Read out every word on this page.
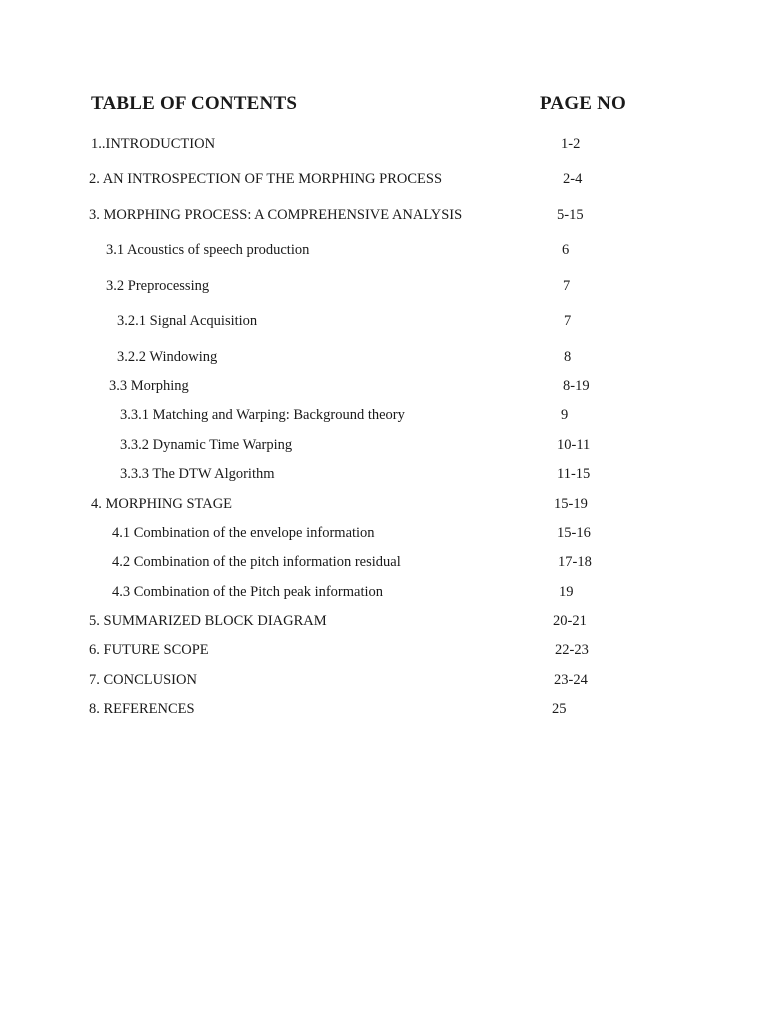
TABLE OF CONTENTS	PAGE NO
1..INTRODUCTION	1-2
2. AN INTROSPECTION OF THE MORPHING PROCESS	2-4
3. MORPHING PROCESS: A COMPREHENSIVE ANALYSIS	5-15
3.1 Acoustics of speech production	6
3.2 Preprocessing	7
3.2.1 Signal Acquisition	7
3.2.2 Windowing	8
3.3 Morphing	8-19
3.3.1 Matching and Warping: Background theory	9
3.3.2 Dynamic Time Warping	10-11
3.3.3 The DTW Algorithm	11-15
4. MORPHING STAGE	15-19
4.1 Combination of the envelope information	15-16
4.2 Combination of the pitch information residual	17-18
4.3 Combination of the Pitch peak information	19
5. SUMMARIZED BLOCK DIAGRAM	20-21
6. FUTURE SCOPE	22-23
7. CONCLUSION	23-24
8. REFERENCES	25
